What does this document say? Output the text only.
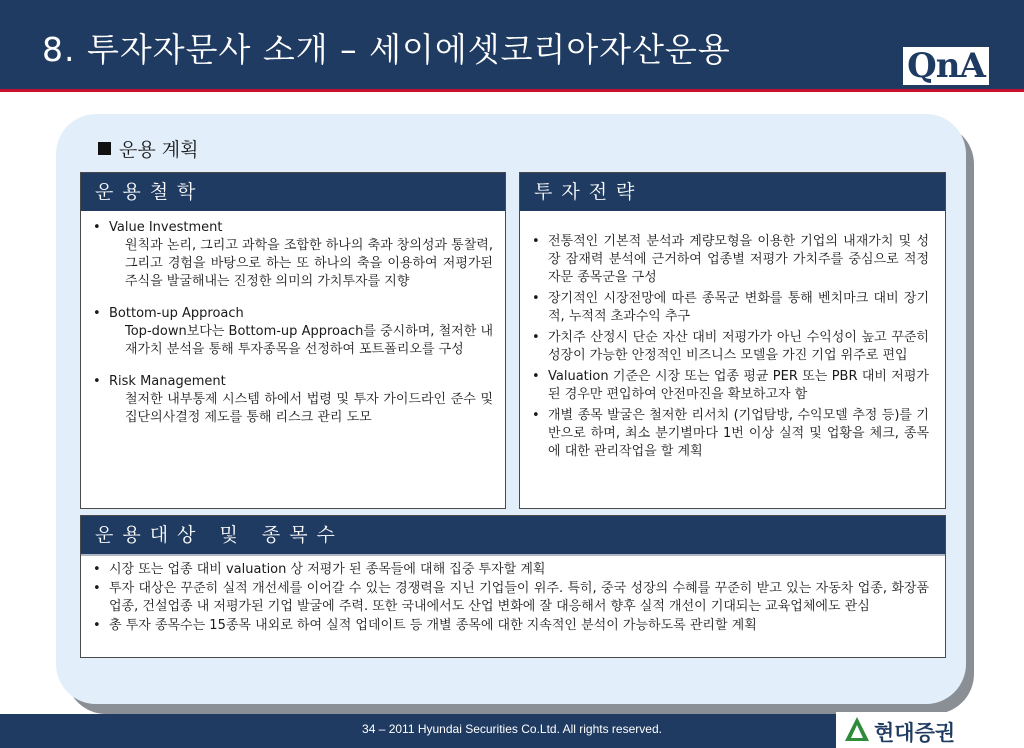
8. 투자자문사 소개 – 세이에셋코리아자산운용	QnA
운용 계획
운용철학
• Value Investment
원칙과 논리, 그리고 과학을 조합한 하나의 축과 창의성과 통찰력, 그리고 경험을 바탕으로 하는 또 하나의 축을 이용하여 저평가된 주식을 발굴해내는 진정한 의미의 가치투자를 지향
• Bottom-up Approach
Top-down보다는 Bottom-up Approach를 중시하며, 철저한 내재가치 분석을 통해 투자종목을 선정하여 포트폴리오를 구성
• Risk Management
철저한 내부통제 시스템 하에서 법령 및 투자 가이드라인 준수 및 집단의사결정 제도를 통해 리스크 관리 도모
투자전략
• 전통적인 기본적 분석과 계량모형을 이용한 기업의 내재가치 및 성장 잠재력 분석에 근거하여 업종별 저평가 가치주를 중심으로 적정 자문 종목군을 구성
• 장기적인 시장전망에 따른 종목군 변화를 통해 벤치마크 대비 장기적, 누적적 초과수익 추구
• 가치주 산정시 단순 자산 대비 저평가가 아닌 수익성이 높고 꾸준히 성장이 가능한 안정적인 비즈니스 모델을 가진 기업 위주로 편입
• Valuation 기준은 시장 또는 업종 평균 PER 또는 PBR 대비 저평가된 경우만 편입하여 안전마진을 확보하고자 함
• 개별 종목 발굴은 철저한 리서치 (기업탐방, 수익모델 추정 등)를 기반으로 하며, 최소 분기별마다 1번 이상 실적 및 업황을 체크, 종목에 대한 관리작업을 할 계획
운용대상 및 종목수
• 시장 또는 업종 대비 valuation 상 저평가 된 종목들에 대해 집중 투자할 계획
• 투자 대상은 꾸준히 실적 개선세를 이어갈 수 있는 경쟁력을 지닌 기업들이 위주. 특히, 중국 성장의 수혜를 꾸준히 받고 있는 자동차 업종, 화장품 업종, 건설업종 내 저평가된 기업 발굴에 주력. 또한 국내에서도 산업 변화에 잘 대응해서 향후 실적 개선이 기대되는 교육업체에도 관심
• 총 투자 종목수는 15종목 내외로 하여 실적 업데이트 등 개별 종목에 대한 지속적인 분석이 가능하도록 관리할 계획
34 – 2011 Hyundai Securities Co.Ltd. All rights reserved.	현대증권
